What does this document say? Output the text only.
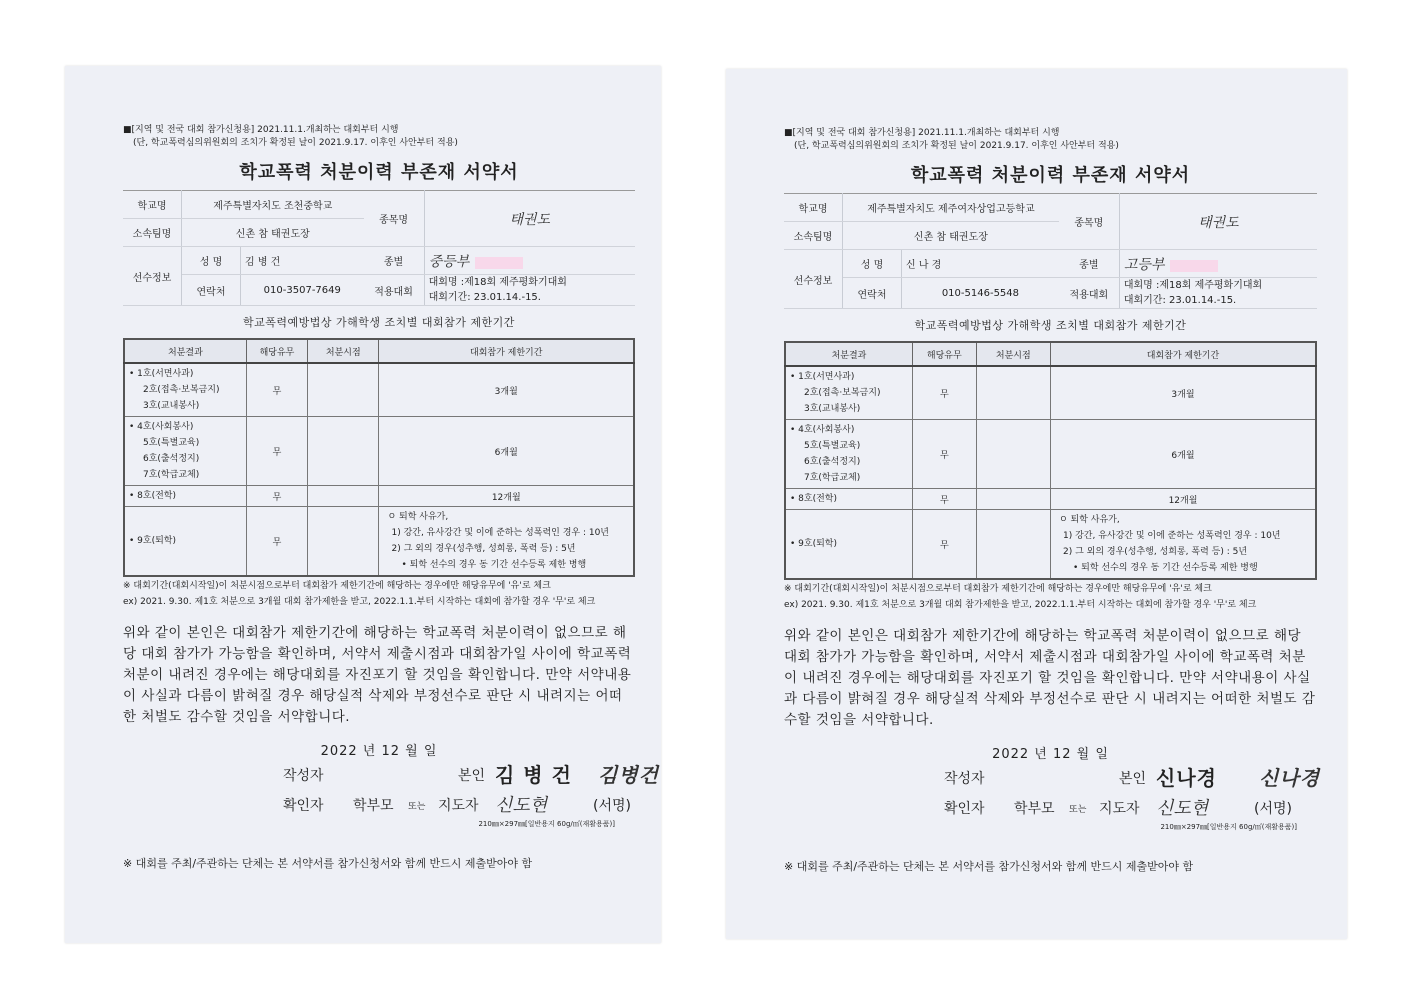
■[지역 및 전국 대회 참가신청용] 2021.11.1.개최하는 대회부터 시행
(단, 학교폭력심의위원회의 조치가 확정된 날이 2021.9.17. 이후인 사안부터 적용)
학교폭력 처분이력 부존재 서약서
학교명	제주특별자치도 조천중학교		종목명	태권도
소속팀명	신촌 참 태권도장			
선수정보	성 명	김 병 건	종별	중등부
	연락처	010-3507-7649	적용대회	대회명 :제18회 제주평화기대회
대회기간: 23.01.14.-15.
학교폭력예방법상 가해학생 조치별 대회참가 제한기간
처분결과	해당유무	처분시점	대회참가 제한기간

• 1호(서면사과)
2호(접촉·보복금지)
3호(교내봉사)	무		3개월

• 4호(사회봉사)
5호(특별교육)
6호(출석정지)
7호(학급교체)	무		6개월

• 8호(전학)	무		12개월

• 9호(퇴학)	무		ㅇ 퇴학 사유가,
1) 강간, 유사강간 및 이에 준하는 성폭력인 경우 : 10년
2) 그 외의 경우(성추행, 성희롱, 폭력 등) : 5년
• 퇴학 선수의 경우 동 기간 선수등록 제한 병행
※ 대회기간(대회시작일)이 처분시점으로부터 대회참가 제한기간에 해당하는 경우에만 해당유무에 '유'로 체크
ex) 2021. 9.30. 제1호 처분으로 3개월 대회 참가제한을 받고, 2022.1.1.부터 시작하는 대회에 참가할 경우 '무'로 체크
위와 같이 본인은 대회참가 제한기간에 해당하는 학교폭력 처분이력이 없으므로 해당 대회 참가가 가능함을 확인하며, 서약서 제출시점과 대회참가일 사이에 학교폭력 처분이 내려진 경우에는 해당대회를 자진포기 할 것임을 확인합니다. 만약 서약내용이 사실과 다름이 밝혀질 경우 해당실적 삭제와 부정선수로 판단 시 내려지는 어떠한 처벌도 감수할 것임을 서약합니다.
2022 년 12 월 일
작성자	본인 김 병 건 김병건
확인자 학부모 또는 지도자 신도현	(서명)
210㎜×297㎜[일반용지 60g/㎡(재활용품)]
※ 대회를 주최/주관하는 단체는 본 서약서를 참가신청서와 함께 반드시 제출받아야 함
■[지역 및 전국 대회 참가신청용] 2021.11.1.개최하는 대회부터 시행
(단, 학교폭력심의위원회의 조치가 확정된 날이 2021.9.17. 이후인 사안부터 적용)
학교폭력 처분이력 부존재 서약서
학교명	제주특별자치도 제주여자상업고등학교		종목명	태권도
소속팀명	신촌 참 태권도장			
선수정보	성 명	신 나 경	종별	고등부
	연락처	010-5146-5548	적용대회	대회명 :제18회 제주평화기대회
대회기간: 23.01.14.-15.
학교폭력예방법상 가해학생 조치별 대회참가 제한기간
처분결과	해당유무	처분시점	대회참가 제한기간

• 1호(서면사과)
2호(접촉·보복금지)
3호(교내봉사)	무		3개월

• 4호(사회봉사)
5호(특별교육)
6호(출석정지)
7호(학급교체)	무		6개월

• 8호(전학)	무		12개월

• 9호(퇴학)	무		ㅇ 퇴학 사유가,
1) 강간, 유사강간 및 이에 준하는 성폭력인 경우 : 10년
2) 그 외의 경우(성추행, 성희롱, 폭력 등) : 5년
• 퇴학 선수의 경우 동 기간 선수등록 제한 병행
※ 대회기간(대회시작일)이 처분시점으로부터 대회참가 제한기간에 해당하는 경우에만 해당유무에 '유'로 체크
ex) 2021. 9.30. 제1호 처분으로 3개월 대회 참가제한을 받고, 2022.1.1.부터 시작하는 대회에 참가할 경우 '무'로 체크
위와 같이 본인은 대회참가 제한기간에 해당하는 학교폭력 처분이력이 없으므로 해당 대회 참가가 가능함을 확인하며, 서약서 제출시점과 대회참가일 사이에 학교폭력 처분이 내려진 경우에는 해당대회를 자진포기 할 것임을 확인합니다. 만약 서약내용이 사실과 다름이 밝혀질 경우 해당실적 삭제와 부정선수로 판단 시 내려지는 어떠한 처벌도 감수할 것임을 서약합니다.
2022 년 12 월 일
작성자	본인 신나경 신나경
확인자 학부모 또는 지도자 신도현	(서명)
210㎜×297㎜[일반용지 60g/㎡(재활용품)]
※ 대회를 주최/주관하는 단체는 본 서약서를 참가신청서와 함께 반드시 제출받아야 함
